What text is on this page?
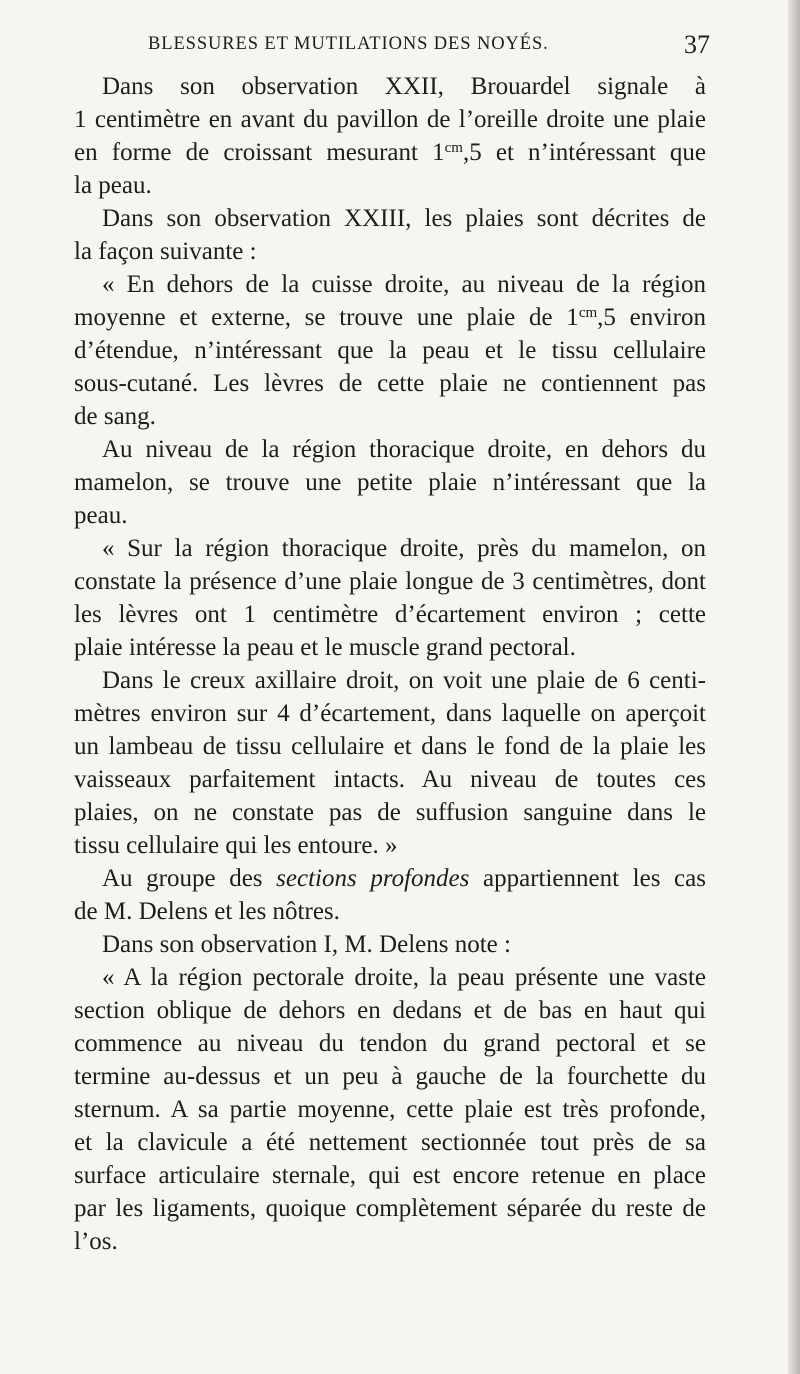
BLESSURES ET MUTILATIONS DES NOYÉS.	37

Dans son observation XXII, Brouardel signale à
1 centimètre en avant du pavillon de l’oreille droite une plaie
en forme de croissant mesurant $1^{cm},5$ et n’intéressant que
la peau.

Dans son observation XXIII, les plaies sont décrites de
la façon suivante :

« En dehors de la cuisse droite, au niveau de la région
moyenne et externe, se trouve une plaie de $1^{cm},5$ environ
d’étendue, n’intéressant que la peau et le tissu cellulaire
sous-cutané. Les lèvres de cette plaie ne contiennent pas
de sang.

Au niveau de la région thoracique droite, en dehors du
mamelon, se trouve une petite plaie n’intéressant que la
peau.

« Sur la région thoracique droite, près du mamelon, on
constate la présence d’une plaie longue de 3 centimètres, dont
les lèvres ont 1 centimètre d’écartement environ ; cette
plaie intéresse la peau et le muscle grand pectoral.

Dans le creux axillaire droit, on voit une plaie de 6 centi-
mètres environ sur 4 d’écartement, dans laquelle on aperçoit
un lambeau de tissu cellulaire et dans le fond de la plaie les
vaisseaux parfaitement intacts. Au niveau de toutes ces
plaies, on ne constate pas de suffusion sanguine dans le
tissu cellulaire qui les entoure. »

Au groupe des sections profondes appartiennent les cas
de M. Delens et les nôtres.

Dans son observation I, M. Delens note :

« A la région pectorale droite, la peau présente une vaste
section oblique de dehors en dedans et de bas en haut qui
commence au niveau du tendon du grand pectoral et se
termine au-dessus et un peu à gauche de la fourchette du
sternum. A sa partie moyenne, cette plaie est très profonde,
et la clavicule a été nettement sectionnée tout près de sa
surface articulaire sternale, qui est encore retenue en place
par les ligaments, quoique complètement séparée du reste de
l’os.
